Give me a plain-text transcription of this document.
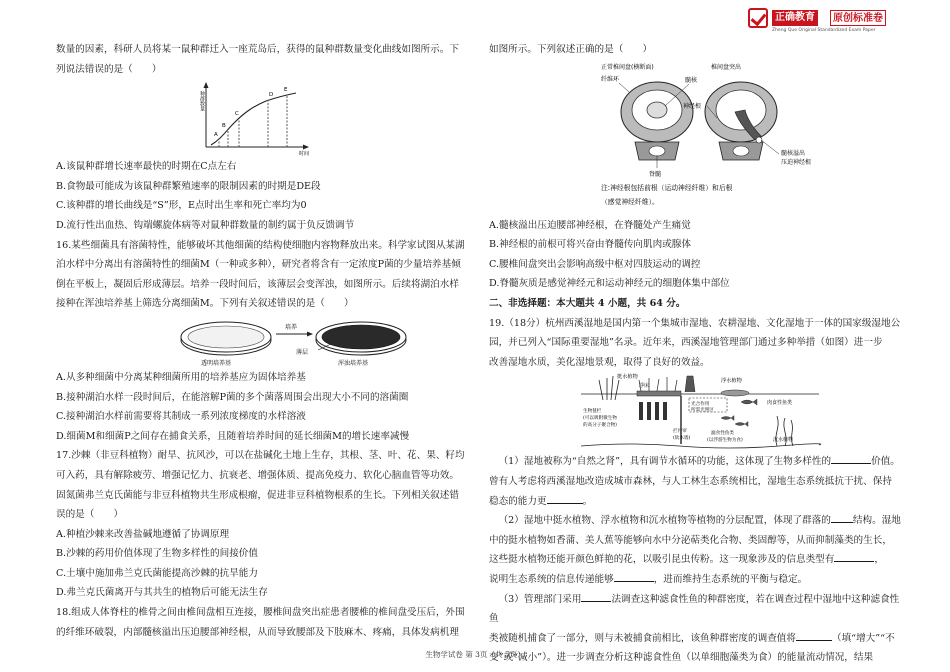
正确教育	原创标准卷
Zheng Que Original Standardized Exam Paper
数量的因素，科研人员将某一鼠种群迁入一座荒岛后，获得的鼠种群数量变化曲线如图所示。下
列说法错误的是（　　）
种群数量
时间
A
B
C
D
E
A.该鼠种群增长速率最快的时期在C点左右
B.食物最可能成为该鼠种群繁殖速率的限制因素的时期是DE段
C.该种群的增长曲线是“S”形，E点时出生率和死亡率均为0
D.流行性出血热、钩端螺旋体病等对鼠种群数量的制约属于负反馈调节
16.某些细菌具有溶菌特性，能够破坏其他细菌的结构使细胞内容物释放出来。科学家试图从某湖
泊水样中分离出有溶菌特性的细菌M（一种或多种），研究者将含有一定浓度P菌的少量培养基倾
倒在平板上，凝固后形成薄层。培养一段时间后，该薄层会变浑浊，如图所示。后续将湖泊水样
接种在浑浊培养基上筛选分离细菌M。下列有关叙述错误的是（　　）
培养
薄层
透明培养基	浑浊培养基
A.从多种细菌中分离某种细菌所用的培养基应为固体培养基
B.接种湖泊水样一段时间后，在能溶解P菌的多个菌落周围会出现大小不同的溶菌圈
C.接种湖泊水样前需要将其制成一系列浓度梯度的水样溶液
D.细菌M和细菌P之间存在捕食关系，且随着培养时间的延长细菌M的增长速率减慢
17.沙棘（非豆科植物）耐旱、抗风沙，可以在盐碱化土地上生存，其根、茎、叶、花、果、籽均
可入药，具有解除疲劳、增强记忆力、抗衰老、增强体质、提高免疫力、软化心脑血管等功效。
固氮菌弗兰克氏菌能与非豆科植物共生形成根瘤，促进非豆科植物根系的生长。下列相关叙述错
误的是（　　）
A.种植沙棘来改善盐碱地遵循了协调原理
B.沙棘的药用价值体现了生物多样性的间接价值
C.土壤中施加弗兰克氏菌能提高沙棘的抗旱能力
D.弗兰克氏菌离开与其共生的植物后可能无法生存
18.组成人体脊柱的椎骨之间由椎间盘相互连接，腰椎间盘突出症患者腰椎的椎间盘受压后，外围
的纤维环破裂，内部髓核溢出压迫腰部神经根，从而导致腰部及下肢麻木、疼痛，具体发病机理
如图所示。下列叙述正确的是（　　）
正常椎间盘(横断面)
纤维环	髓核
脊髓
椎间盘突出
神经根
髓核溢出
压迫神经根
注:神经根包括前根（运动神经纤维）和后根
（感觉神经纤维）。
A.髓核溢出压迫腰部神经根，在脊髓处产生痛觉
B.神经根的前根可将兴奋由脊髓传向肌肉或腺体
C.腰椎间盘突出会影响高级中枢对四肢运动的调控
D.脊髓灰质是感觉神经元和运动神经元的细胞体集中部位
二、非选择题：本大题共 4 小题，共 64 分。
19.（18分）杭州西溪湿地是国内第一个集城市湿地、农耕湿地、文化湿地于一体的国家级湿地公
园，并已列入“国际重要湿地”名录。近年来，西溪湿地管理部门通过多种举措（如图）进一步
改善湿地水质，美化湿地景观，取得了良好的效益。
挺水植物
浮床
浮水植物
光合作用
所需光照区
生物毯栏
(可以吸附微生物
的高分子聚合物)
拦污帘
(软木墙)
肉食性鱼类
滤食性鱼类
(以浮游生物为食)	沉水植物
（1）湿地被称为“自然之肾”，具有调节水循环的功能，这体现了生物多样性的	价值。
曾有人考虑将西溪湿地改造成城市森林，与人工林生态系统相比，湿地生态系统抵抗干扰、保持
稳态的能力更	。
（2）湿地中挺水植物、浮水植物和沉水植物等植物的分层配置，体现了群落的 结构。湿地
中的挺水植物如香蒲、美人蕉等能够向水中分泌萜类化合物、类固醇等，从而抑制藻类的生长，
这些挺水植物还能开颜色鲜艳的花，以吸引昆虫传粉。这一现象涉及的信息类型有	，
说明生态系统的信息传递能够	，进而维持生态系统的平衡与稳定。
（3）管理部门采用	法调查这种滤食性鱼的种群密度，若在调查过程中湿地中这种滤食性鱼
类被随机捕食了一部分，则与未被捕食前相比，该鱼种群密度的调查值将	（填“增大”“不
变”或“减小”）。进一步调查分析这种滤食性鱼（以单细胞藻类为食）的能量流动情况，结果
生物学试卷 第 3页（共 5页）
